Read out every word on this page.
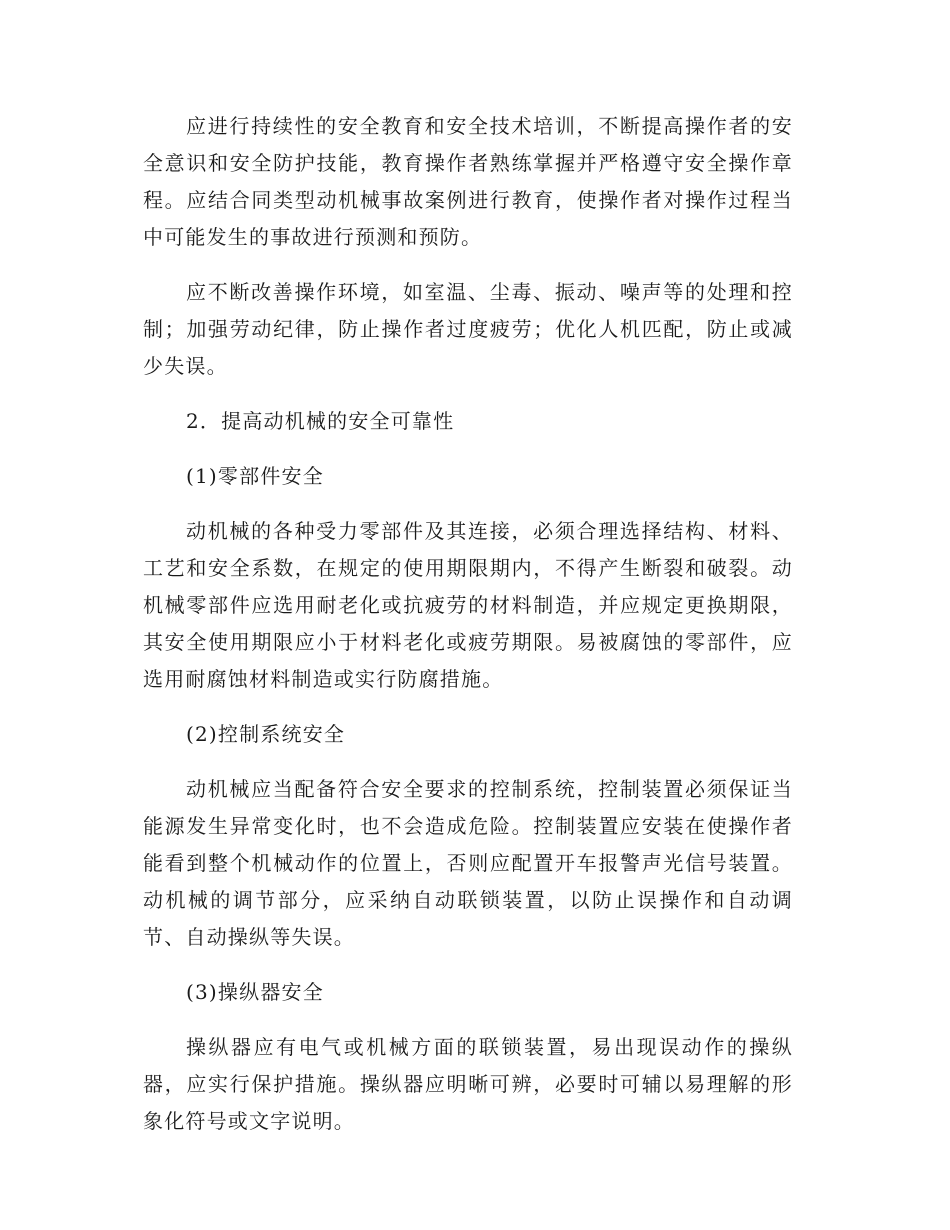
应进行持续性的安全教育和安全技术培训，不断提高操作者的安全意识和安全防护技能，教育操作者熟练掌握并严格遵守安全操作章程。应结合同类型动机械事故案例进行教育，使操作者对操作过程当中可能发生的事故进行预测和预防。

应不断改善操作环境，如室温、尘毒、振动、噪声等的处理和控制；加强劳动纪律，防止操作者过度疲劳；优化人机匹配，防止或减少失误。

2．提高动机械的安全可靠性

(1)零部件安全

动机械的各种受力零部件及其连接，必须合理选择结构、材料、工艺和安全系数，在规定的使用期限期内，不得产生断裂和破裂。动机械零部件应选用耐老化或抗疲劳的材料制造，并应规定更换期限，其安全使用期限应小于材料老化或疲劳期限。易被腐蚀的零部件，应选用耐腐蚀材料制造或实行防腐措施。

(2)控制系统安全

动机械应当配备符合安全要求的控制系统，控制装置必须保证当能源发生异常变化时，也不会造成危险。控制装置应安装在使操作者能看到整个机械动作的位置上，否则应配置开车报警声光信号装置。动机械的调节部分，应采纳自动联锁装置，以防止误操作和自动调节、自动操纵等失误。

(3)操纵器安全

操纵器应有电气或机械方面的联锁装置，易出现误动作的操纵器，应实行保护措施。操纵器应明晰可辨，必要时可辅以易理解的形象化符号或文字说明。
